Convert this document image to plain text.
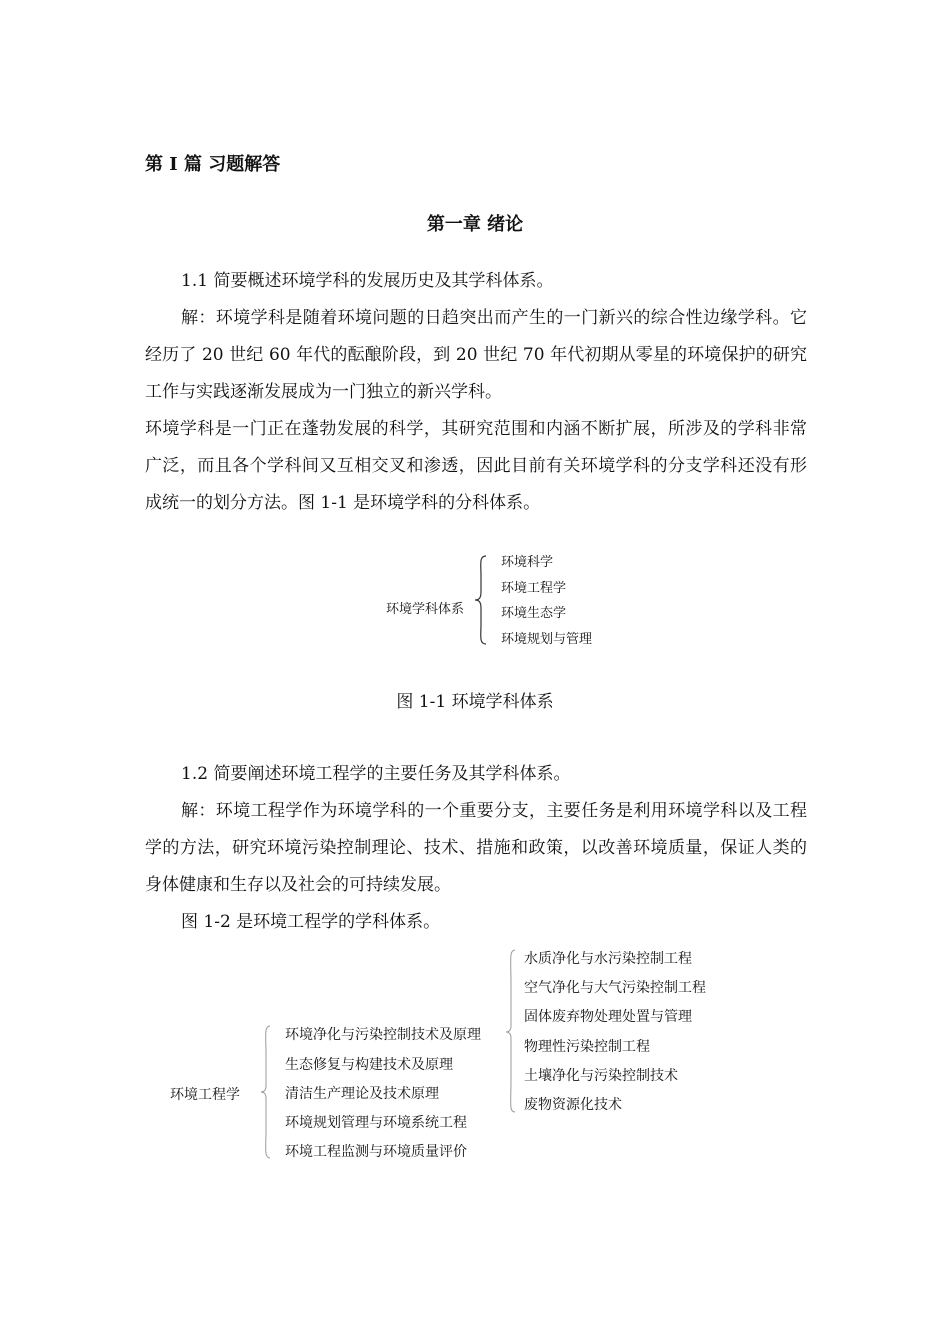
第 I 篇 习题解答
第一章 绪论
1.1 简要概述环境学科的发展历史及其学科体系。
解：环境学科是随着环境问题的日趋突出而产生的一门新兴的综合性边缘学科。它经历了 20 世纪 60 年代的酝酿阶段，到 20 世纪 70 年代初期从零星的环境保护的研究工作与实践逐渐发展成为一门独立的新兴学科。
环境学科是一门正在蓬勃发展的科学，其研究范围和内涵不断扩展，所涉及的学科非常广泛，而且各个学科间又互相交叉和渗透，因此目前有关环境学科的分支学科还没有形成统一的划分方法。图 1-1 是环境学科的分科体系。
环境学科体系
环境科学
环境工程学
环境生态学
环境规划与管理
图 1-1 环境学科体系
1.2 简要阐述环境工程学的主要任务及其学科体系。
解：环境工程学作为环境学科的一个重要分支，主要任务是利用环境学科以及工程学的方法，研究环境污染控制理论、技术、措施和政策，以改善环境质量，保证人类的身体健康和生存以及社会的可持续发展。
图 1-2 是环境工程学的学科体系。
环境工程学
环境净化与污染控制技术及原理
生态修复与构建技术及原理
清洁生产理论及技术原理
环境规划管理与环境系统工程
环境工程监测与环境质量评价
水质净化与水污染控制工程
空气净化与大气污染控制工程
固体废弃物处理处置与管理
物理性污染控制工程
土壤净化与污染控制技术
废物资源化技术
